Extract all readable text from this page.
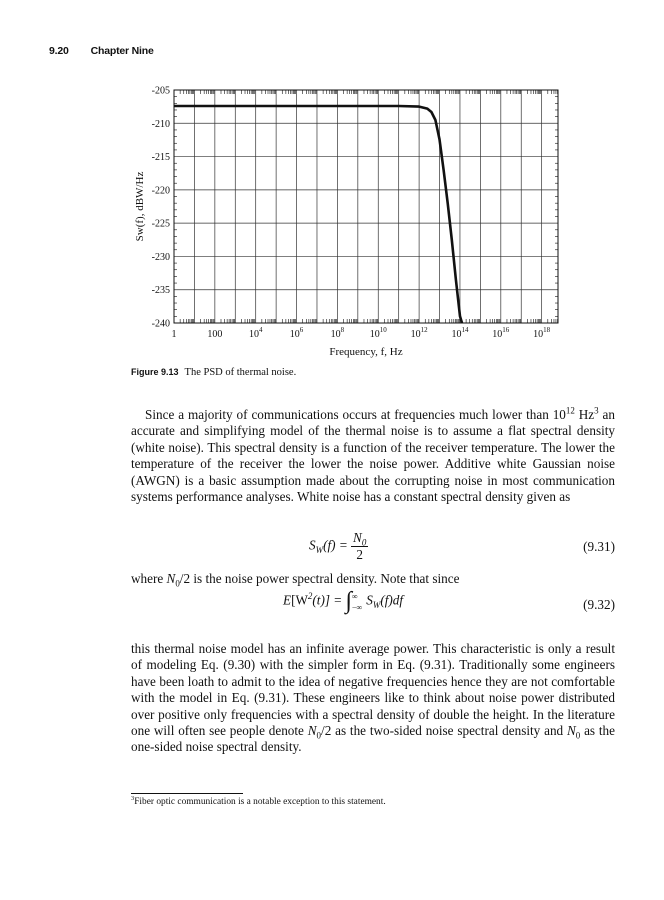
9.20 Chapter Nine
-205
-210
-215
-220
-225
-230
-235
-240
1	100	$10^4$	$10^6$	$10^8$	$10^{10}$ $10^{12}$ $10^{14}$ $10^{16}$ $10^{18}$
Frequency, f, Hz
Sw(f), dBW/Hz
Figure 9.13 The PSD of thermal noise.
Since a majority of communications occurs at frequencies much lower than $10^{12}$ Hz$^3$ an accurate and simplifying model of the thermal noise is to assume a flat spectral density (white noise). This spectral density is a function of the receiver temperature. The lower the temperature of the receiver the lower the noise power. Additive white Gaussian noise (AWGN) is a basic assumption made about the corrupting noise in most communication systems performance analyses. White noise has a constant spectral density given as
$S_W(f) = \frac{N_0}{2}$	(9.31)
where $N_0/2$ is the noise power spectral density. Note that since
$E[W^2(t)]$ = ∫ ∞
−∞ $S_W(f)df$	(9.32)
this thermal noise model has an infinite average power. This characteristic is only a result of modeling Eq. (9.30) with the simpler form in Eq. (9.31). Traditionally some engineers have been loath to admit to the idea of negative frequencies hence they are not comfortable with the model in Eq. (9.31). These engineers like to think about noise power distributed over positive only frequencies with a spectral density of double the height. In the literature one will often see people denote $N_0/2$ as the two-sided noise spectral density and $N_0$ as the one-sided noise spectral density.
$^3$Fiber optic communication is a notable exception to this statement.
